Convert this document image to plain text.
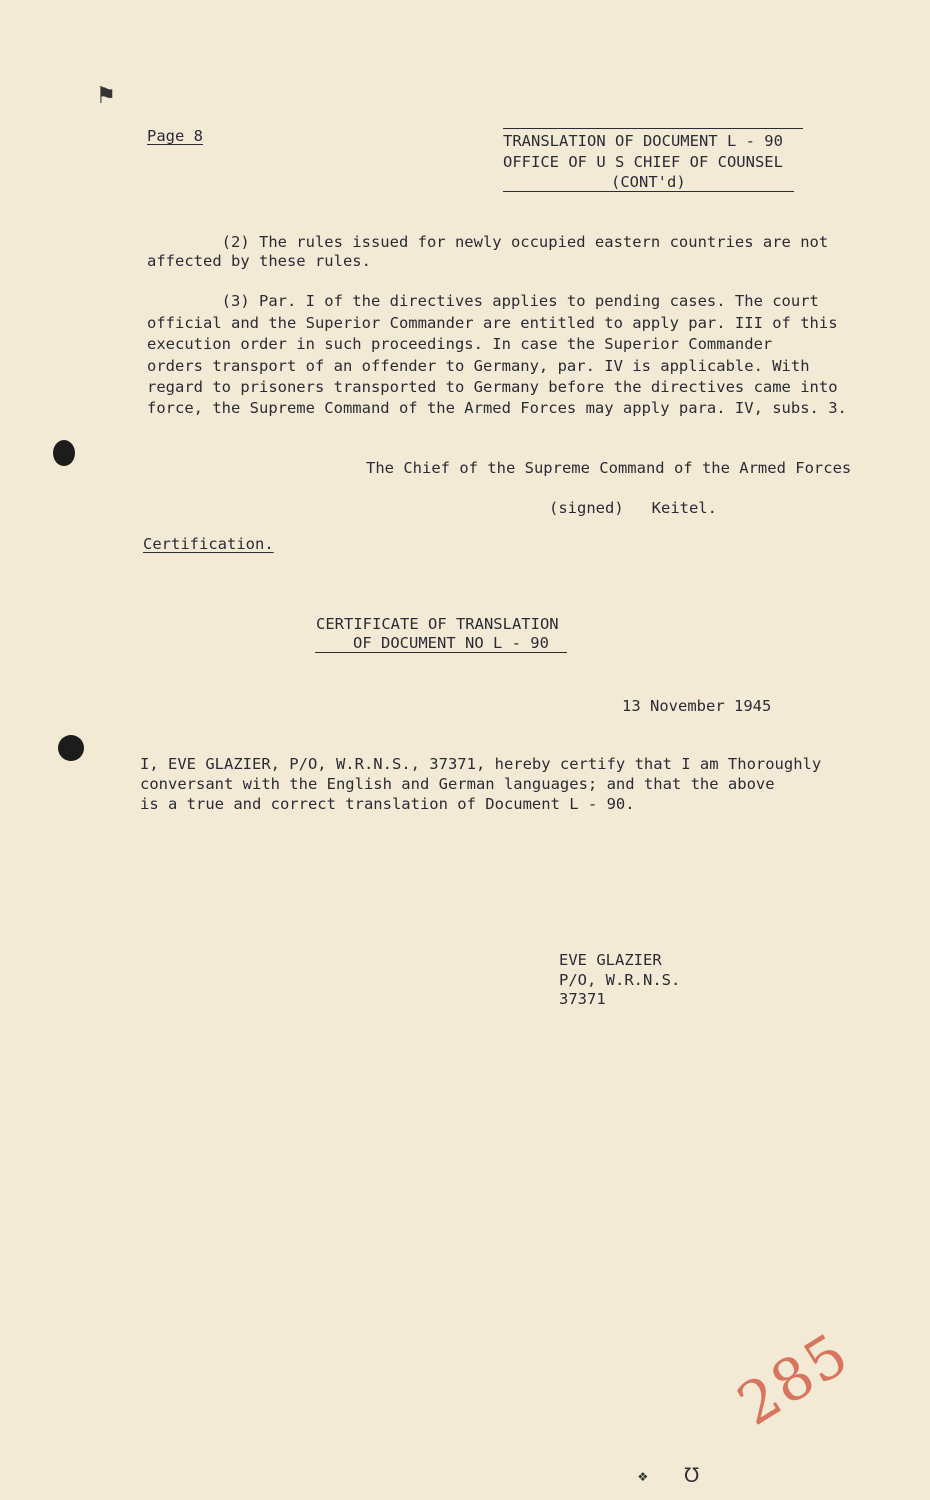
⚑
Page 8	TRANSLATION OF DOCUMENT L - 90
OFFICE OF U S CHIEF OF COUNSEL
(CONT'd)
(2) The rules issued for newly occupied eastern countries are not
affected by these rules.
(3) Par. I of the directives applies to pending cases. The court
official and the Superior Commander are entitled to apply par. III of this
execution order in such proceedings. In case the Superior Commander
orders transport of an offender to Germany, par. IV is applicable. With
regard to prisoners transported to Germany before the directives came into
force, the Supreme Command of the Armed Forces may apply para. IV, subs. 3.
The Chief of the Supreme Command of the Armed Forces
(signed)   Keitel.
Certification.
CERTIFICATE OF TRANSLATION
OF DOCUMENT NO L - 90
13 November 1945
I, EVE GLAZIER, P/O, W.R.N.S., 37371, hereby certify that I am Thoroughly
conversant with the English and German languages; and that the above
is a true and correct translation of Document L - 90.
EVE GLAZIER
P/O, W.R.N.S.
37371
285
❖ ℧
